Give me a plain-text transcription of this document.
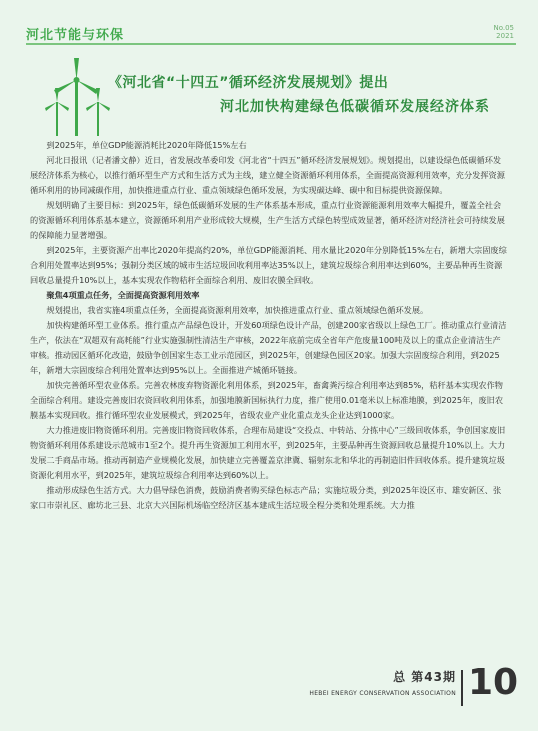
河北节能与环保	No.05
2021
《河北省“十四五”循环经济发展规划》提出
河北加快构建绿色低碳循环发展经济体系

到2025年，单位GDP能源消耗比2020年降低15%左右

河北日报讯（记者潘文静）近日，省发展改革委印发《河北省“十四五”循环经济发展规划》。规划提出，以建设绿色低碳循环发展经济体系为核心，以推行循环型生产方式和生活方式为主线，建立健全资源循环利用体系，全面提高资源利用效率，充分发挥资源循环利用的协同减碳作用，加快推进重点行业、重点领域绿色循环发展，为实现碳达峰、碳中和目标提供资源保障。

规划明确了主要目标：到2025年，绿色低碳循环发展的生产体系基本形成，重点行业资源能源利用效率大幅提升，覆盖全社会的资源循环利用体系基本建立，资源循环利用产业形成较大规模，生产生活方式绿色转型成效显著，循环经济对经济社会可持续发展的保障能力显著增强。

到2025年，主要资源产出率比2020年提高约20%，单位GDP能源消耗、用水量比2020年分别降低15%左右，新增大宗固废综合利用处置率达到95%；强制分类区域的城市生活垃圾回收利用率达35%以上，建筑垃圾综合利用率达到60%，主要品种再生资源回收总量提升10%以上，基本实现农作物秸秆全面综合利用、废旧农膜全回收。

聚焦4项重点任务，全面提高资源利用效率

规划提出，我省实施4项重点任务，全面提高资源利用效率，加快推进重点行业、重点领域绿色循环发展。

加快构建循环型工业体系。推行重点产品绿色设计，开发60项绿色设计产品，创建200家省级以上绿色工厂。推动重点行业清洁生产，依法在“双超双有高耗能”行业实施强制性清洁生产审核，2022年底前完成全省年产危废量100吨及以上的重点企业清洁生产审核。推动园区循环化改造，鼓励争创国家生态工业示范园区，到2025年，创建绿色园区20家。加强大宗固废综合利用，到2025年，新增大宗固废综合利用处置率达到95%以上。全面推进产城循环链接。

加快完善循环型农业体系。完善农林废弃物资源化利用体系，到2025年，畜禽粪污综合利用率达到85%，秸秆基本实现农作物全面综合利用。建设完善废旧农资回收利用体系，加强地膜新国标执行力度，推广使用0.01毫米以上标准地膜，到2025年，废旧农膜基本实现回收。推行循环型农业发展模式，到2025年，省级农业产业化重点龙头企业达到1000家。

大力推进废旧物资循环利用。完善废旧物资回收体系，合理布局建设“交投点、中转站、分拣中心”三级回收体系，争创国家废旧物资循环利用体系建设示范城市1至2个。提升再生资源加工利用水平，到2025年，主要品种再生资源回收总量提升10%以上。大力发展二手商品市场。推动再制造产业规模化发展，加快建立完善覆盖京津冀、辐射东北和华北的再制造旧件回收体系。提升建筑垃圾资源化利用水平，到2025年，建筑垃圾综合利用率达到60%以上。

推动形成绿色生活方式。大力倡导绿色消费，鼓励消费者购买绿色标志产品；实施垃圾分类，到2025年设区市、雄安新区、张家口市崇礼区、廊坊北三县、北京大兴国际机场临空经济区基本建成生活垃圾全程分类和处理系统。大力推

总 第43期
HEBEI ENERGY CONSERVATION ASSOCIATION 10
